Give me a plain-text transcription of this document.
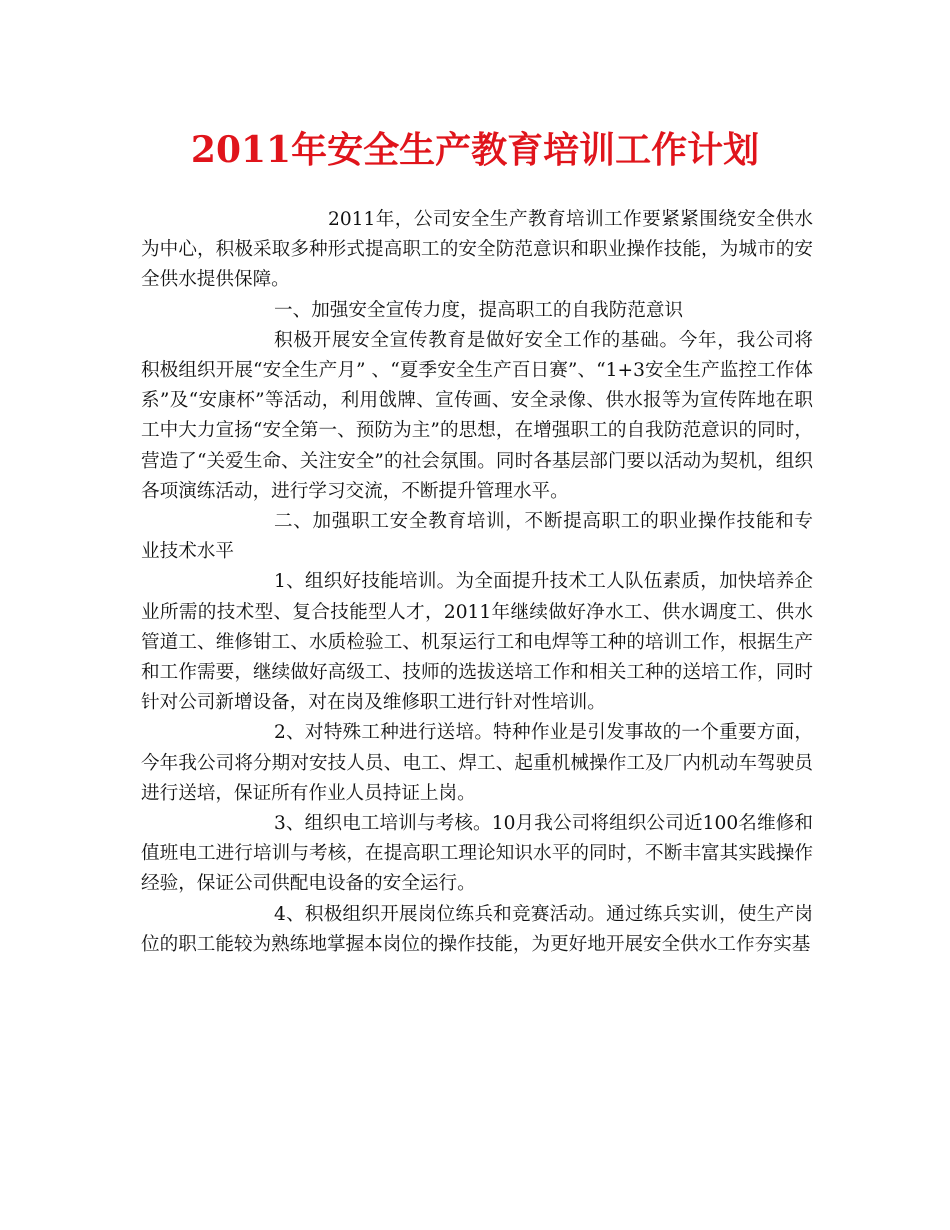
2011年安全生产教育培训工作计划

2011年，公司安全生产教育培训工作要紧紧围绕安全供水为中心，积极采取多种形式提高职工的安全防范意识和职业操作技能，为城市的安全供水提供保障。

一、加强安全宣传力度，提高职工的自我防范意识

积极开展安全宣传教育是做好安全工作的基础。今年，我公司将积极组织开展“安全生产月” 、“夏季安全生产百日赛”、“1+3安全生产监控工作体系”及“安康杯”等活动，利用戗牌、宣传画、安全录像、供水报等为宣传阵地在职工中大力宣扬“安全第一、预防为主”的思想，在增强职工的自我防范意识的同时，营造了“关爱生命、关注安全”的社会氛围。同时各基层部门要以活动为契机，组织各项演练活动，进行学习交流，不断提升管理水平。

二、加强职工安全教育培训，不断提高职工的职业操作技能和专业技术水平

1、组织好技能培训。为全面提升技术工人队伍素质，加快培养企业所需的技术型、复合技能型人才，2011年继续做好净水工、供水调度工、供水管道工、维修钳工、水质检验工、机泵运行工和电焊等工种的培训工作，根据生产和工作需要，继续做好高级工、技师的选拔送培工作和相关工种的送培工作，同时针对公司新增设备，对在岗及维修职工进行针对性培训。

2、对特殊工种进行送培。特种作业是引发事故的一个重要方面，今年我公司将分期对安技人员、电工、焊工、起重机械操作工及厂内机动车驾驶员进行送培，保证所有作业人员持证上岗。

3、组织电工培训与考核。10月我公司将组织公司近100名维修和值班电工进行培训与考核，在提高职工理论知识水平的同时，不断丰富其实践操作经验，保证公司供配电设备的安全运行。

4、积极组织开展岗位练兵和竞赛活动。通过练兵实训，使生产岗位的职工能较为熟练地掌握本岗位的操作技能，为更好地开展安全供水工作夯实基
